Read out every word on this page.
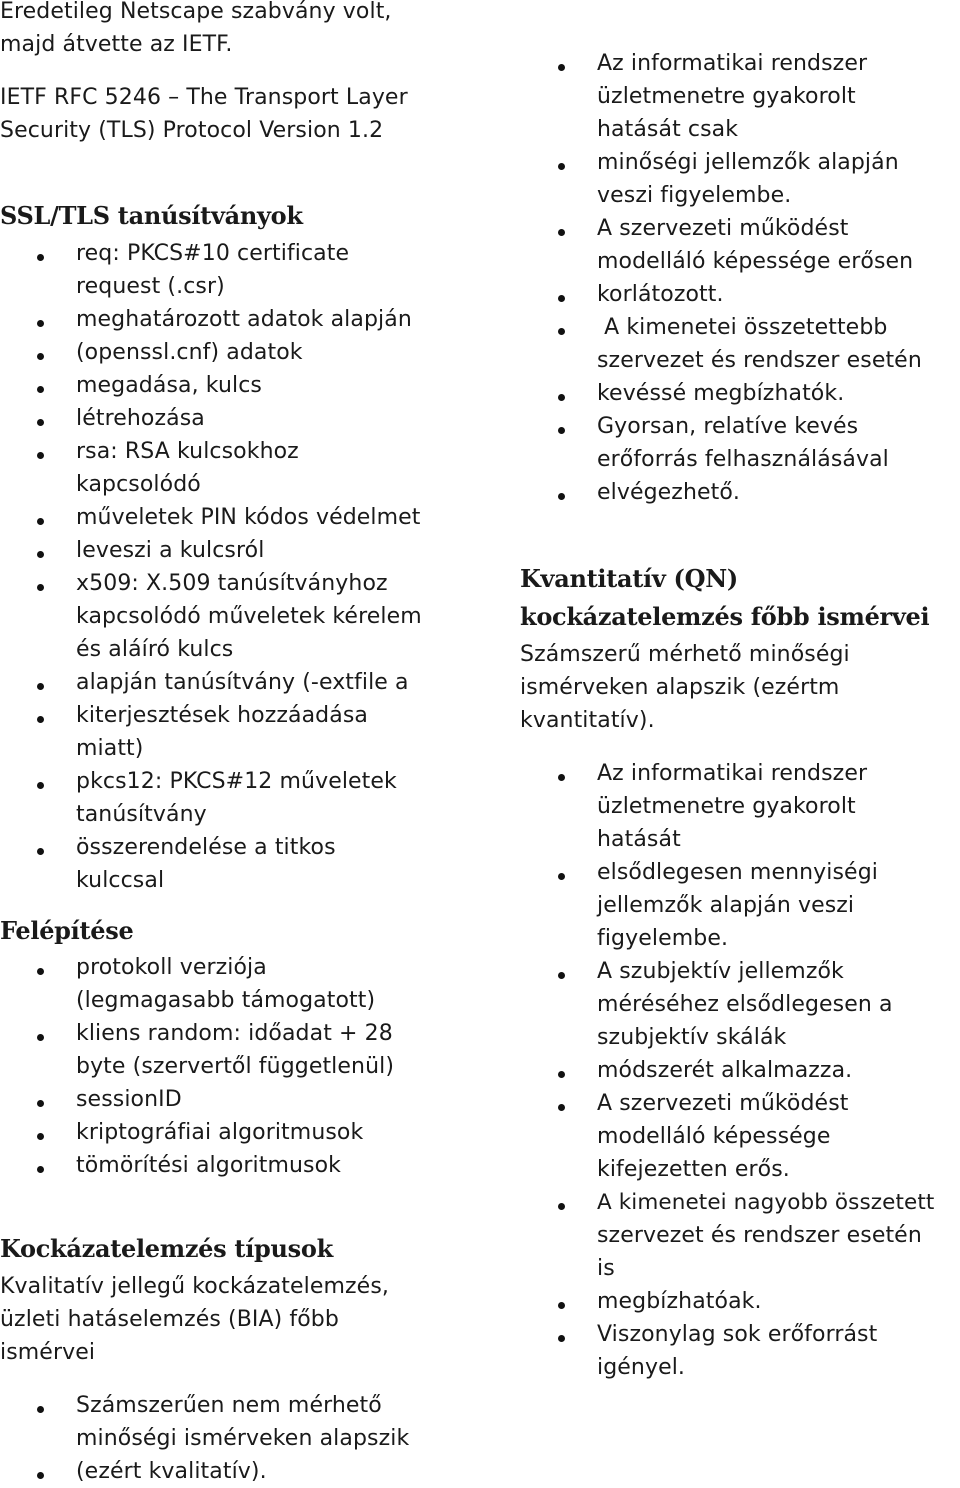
Eredetileg Netscape szabvány volt,
majd átvette az IETF.
IETF RFC 5246 – The Transport Layer
Security (TLS) Protocol Version 1.2
SSL/TLS tanúsítványok
req: PKCS#10 certificate
request (.csr)
meghatározott adatok alapján
(openssl.cnf) adatok
megadása, kulcs
létrehozása
rsa: RSA kulcsokhoz
kapcsolódó
műveletek PIN kódos védelmet
leveszi a kulcsról
x509: X.509 tanúsítványhoz
kapcsolódó műveletek kérelem
és aláíró kulcs
alapján tanúsítvány (-extfile a
kiterjesztések hozzáadása
miatt)
pkcs12: PKCS#12 műveletek
tanúsítvány
összerendelése a titkos
kulccsal
Felépítése
protokoll verziója
(legmagasabb támogatott)
kliens random: időadat + 28
byte (szervertől függetlenül)
sessionID
kriptográfiai algoritmusok
tömörítési algoritmusok
Kockázatelemzés típusok
Kvalitatív jellegű kockázatelemzés,
üzleti hatáselemzés (BIA) főbb
ismérvei
Számszerűen nem mérhető
minőségi ismérveken alapszik
(ezért kvalitatív).
Az informatikai rendszer
üzletmenetre gyakorolt
hatását csak
minőségi jellemzők alapján
veszi figyelembe.
A szervezeti működést
modelláló képessége erősen
korlátozott.
A kimenetei összetettebb
szervezet és rendszer esetén
kevéssé megbízhatók.
Gyorsan, relatíve kevés
erőforrás felhasználásával
elvégezhető.
Kvantitatív (QN)
kockázatelemzés főbb ismérvei
Számszerű mérhető minőségi
ismérveken alapszik (ezértm
kvantitatív).
Az informatikai rendszer
üzletmenetre gyakorolt
hatását
elsődlegesen mennyiségi
jellemzők alapján veszi
figyelembe.
A szubjektív jellemzők
méréséhez elsődlegesen a
szubjektív skálák
módszerét alkalmazza.
A szervezeti működést
modelláló képessége
kifejezetten erős.
A kimenetei nagyobb összetett
szervezet és rendszer esetén
is
megbízhatóak.
Viszonylag sok erőforrást
igényel.
